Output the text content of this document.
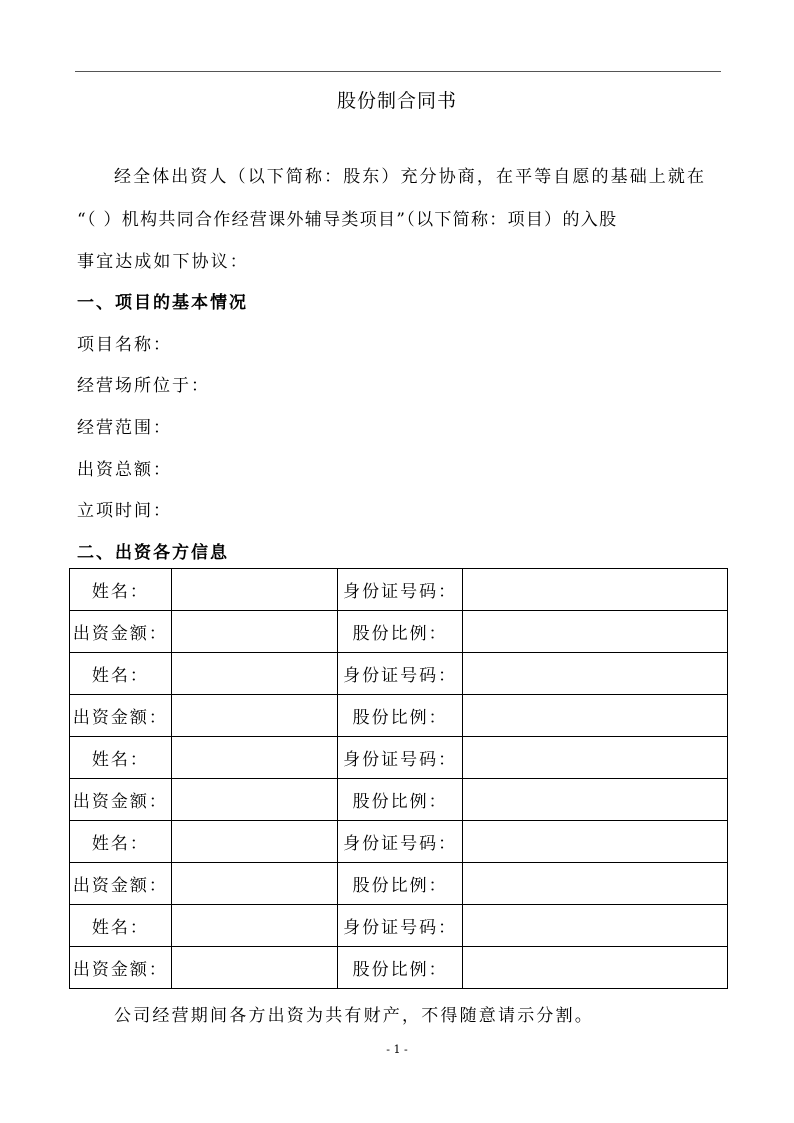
股份制合同书
经全体出资人（以下简称：股东）充分协商，在平等自愿的基础上就在
“（ ）机构共同合作经营课外辅导类项目”（以下简称：项目）的入股
事宜达成如下协议：
一、项目的基本情况
项目名称：
经营场所位于：
经营范围：
出资总额：
立项时间：
二、出资各方信息
姓名：		身份证号码：	
出资金额：		股份比例：	
姓名：		身份证号码：	
出资金额：		股份比例：	
姓名：		身份证号码：	
出资金额：		股份比例：	
姓名：		身份证号码：	
出资金额：		股份比例：	
姓名：		身份证号码：	
出资金额：		股份比例：	
公司经营期间各方出资为共有财产，不得随意请示分割。
- 1 -
